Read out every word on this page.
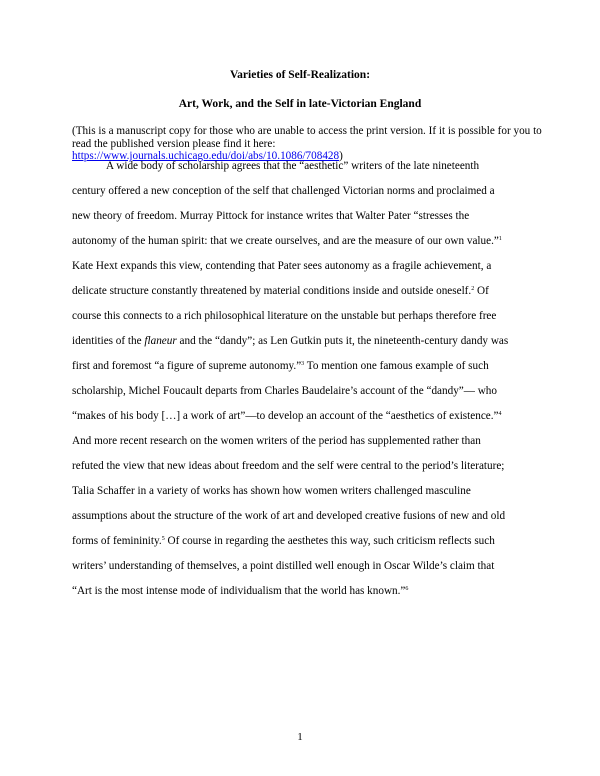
Varieties of Self-Realization:
Art, Work, and the Self in late-Victorian England
(This is a manuscript copy for those who are unable to access the print version. If it is possible for you to read the published version please find it here:
https://www.journals.uchicago.edu/doi/abs/10.1086/708428)
A wide body of scholarship agrees that the “aesthetic” writers of the late nineteenth
century offered a new conception of the self that challenged Victorian norms and proclaimed a
new theory of freedom. Murray Pittock for instance writes that Walter Pater “stresses the
autonomy of the human spirit: that we create ourselves, and are the measure of our own value.”$^1$
Kate Hext expands this view, contending that Pater sees autonomy as a fragile achievement, a
delicate structure constantly threatened by material conditions inside and outside oneself.$^2$ Of
course this connects to a rich philosophical literature on the unstable but perhaps therefore free
identities of the flaneur and the “dandy”; as Len Gutkin puts it, the nineteenth-century dandy was
first and foremost “a figure of supreme autonomy.”$^3$ To mention one famous example of such
scholarship, Michel Foucault departs from Charles Baudelaire’s account of the “dandy”— who
“makes of his body […] a work of art”—to develop an account of the “aesthetics of existence.”$^4$
And more recent research on the women writers of the period has supplemented rather than
refuted the view that new ideas about freedom and the self were central to the period’s literature;
Talia Schaffer in a variety of works has shown how women writers challenged masculine
assumptions about the structure of the work of art and developed creative fusions of new and old
forms of femininity.$^5$ Of course in regarding the aesthetes this way, such criticism reflects such
writers’ understanding of themselves, a point distilled well enough in Oscar Wilde’s claim that
“Art is the most intense mode of individualism that the world has known.”$^6$
1
